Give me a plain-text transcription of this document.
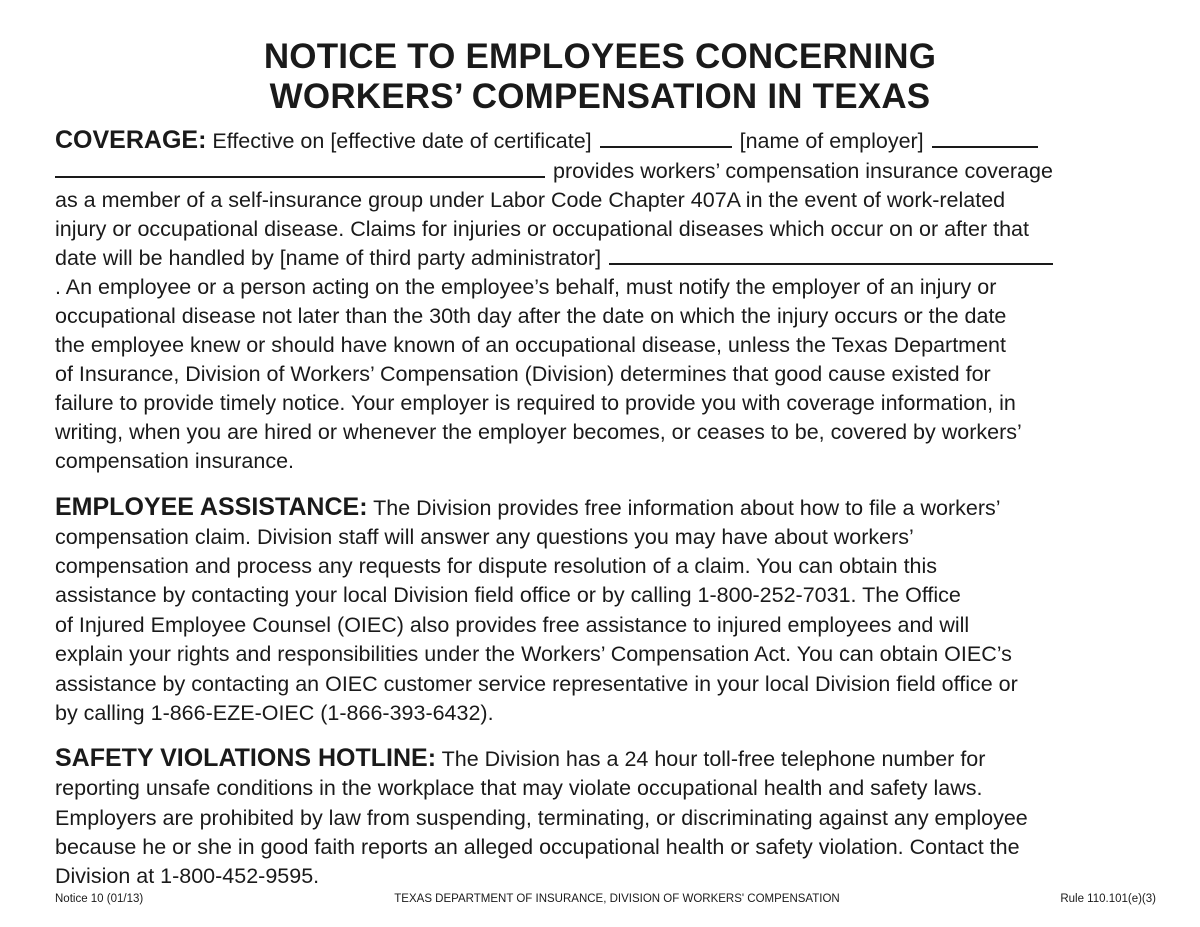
NOTICE TO EMPLOYEES CONCERNING
WORKERS’ COMPENSATION IN TEXAS
COVERAGE: Effective on [effective date of certificate]	[name of employer]
provides workers’ compensation insurance coverage
as a member of a self-insurance group under Labor Code Chapter 407A in the event of work-related
injury or occupational disease. Claims for injuries or occupational diseases which occur on or after that
date will be handled by [name of third party administrator]
. An employee or a person acting on the employee’s behalf, must notify the employer of an injury or
occupational disease not later than the 30th day after the date on which the injury occurs or the date
the employee knew or should have known of an occupational disease, unless the Texas Department
of Insurance, Division of Workers’ Compensation (Division) determines that good cause existed for
failure to provide timely notice. Your employer is required to provide you with coverage information, in
writing, when you are hired or whenever the employer becomes, or ceases to be, covered by workers’
compensation insurance.
EMPLOYEE ASSISTANCE: The Division provides free information about how to file a workers’
compensation claim. Division staff will answer any questions you may have about workers’
compensation and process any requests for dispute resolution of a claim. You can obtain this
assistance by contacting your local Division field office or by calling 1-800-252-7031. The Office
of Injured Employee Counsel (OIEC) also provides free assistance to injured employees and will
explain your rights and responsibilities under the Workers’ Compensation Act. You can obtain OIEC’s
assistance by contacting an OIEC customer service representative in your local Division field office or
by calling 1-866-EZE-OIEC (1-866-393-6432).
SAFETY VIOLATIONS HOTLINE: The Division has a 24 hour toll-free telephone number for
reporting unsafe conditions in the workplace that may violate occupational health and safety laws.
Employers are prohibited by law from suspending, terminating, or discriminating against any employee
because he or she in good faith reports an alleged occupational health or safety violation. Contact the
Division at 1-800-452-9595.
Notice 10 (01/13)	TEXAS DEPARTMENT OF INSURANCE, DIVISION OF WORKERS' COMPENSATION	Rule 110.101(e)(3)
